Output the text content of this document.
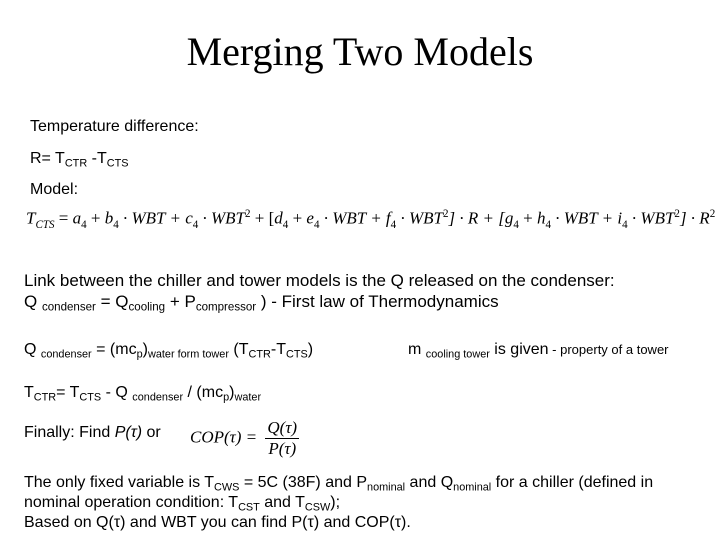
Merging Two Models
Temperature difference:
$R= T_{CTR}$ $-T_{CTS}$
Model:
$T_{CTS} = a_4 + b_4$ · WBT + $c_4 \cdot WBT^2 + [d_4 + e_4$ · WBT + $f_4 \cdot WBT^2] \cdot R + [g_4 + h_4$ · WBT + $i_4 \cdot WBT^2] \cdot R^2$
Link between the chiller and tower models is the Q released on the condenser:
Q $_{condenser} = Q_{cooling} + P_{compressor}$ ) - First law of Thermodynamics
Q $_{condenser} = (mc_p)_{water form tower}$ $(T_{CTR}-T_{CTS})$	m $_{cooling tower}$ is given - property of a tower
$T_{CTR}= T_{CTS} - Q$ $_{condenser} / (mc_p)_{water}$
Finally: Find P(τ) or $COP(\tau) = \frac{Q(\tau)}{P(\tau)}$
The only fixed variable is $T_{CWS} = 5C$ (38F) and $P_{nominal}$ and $Q_{nominal}$ for a chiller (defined in
nominal operation condition: $T_{CST}$ and $T_{CSW}$);
Based on Q(τ) and WBT you can find P(τ) and COP(τ).
